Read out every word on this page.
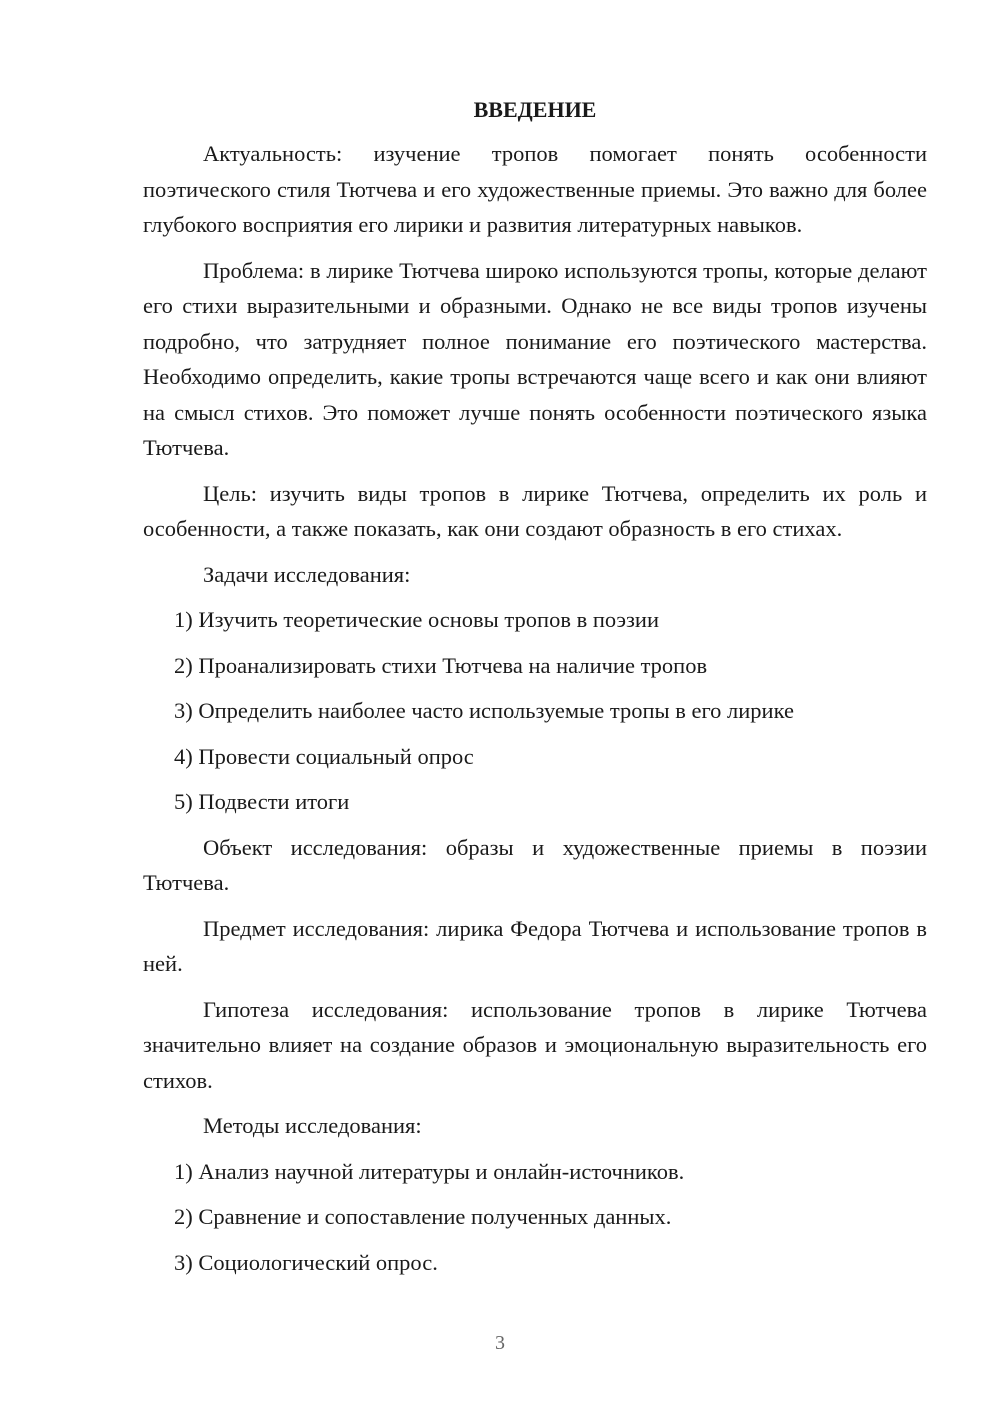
ВВЕДЕНИЕ

Актуальность: изучение тропов помогает понять особенности поэтического стиля Тютчева и его художественные приемы. Это важно для более глубокого восприятия его лирики и развития литературных навыков.

Проблема: в лирике Тютчева широко используются тропы, которые делают его стихи выразительными и образными. Однако не все виды тропов изучены подробно, что затрудняет полное понимание его поэтического мастерства. Необходимо определить, какие тропы встречаются чаще всего и как они влияют на смысл стихов. Это поможет лучше понять особенности поэтического языка Тютчева.

Цель: изучить виды тропов в лирике Тютчева, определить их роль и особенности, а также показать, как они создают образность в его стихах.

Задачи исследования:

1) Изучить теоретические основы тропов в поэзии

2) Проанализировать стихи Тютчева на наличие тропов

3) Определить наиболее часто используемые тропы в его лирике

4) Провести социальный опрос

5) Подвести итоги

Объект исследования: образы и художественные приемы в поэзии Тютчева.

Предмет исследования: лирика Федора Тютчева и использование тропов в ней.

Гипотеза исследования: использование тропов в лирике Тютчева значительно влияет на создание образов и эмоциональную выразительность его стихов.

Методы исследования:

1) Анализ научной литературы и онлайн-источников.

2) Сравнение и сопоставление полученных данных.

3) Социологический опрос.

3
